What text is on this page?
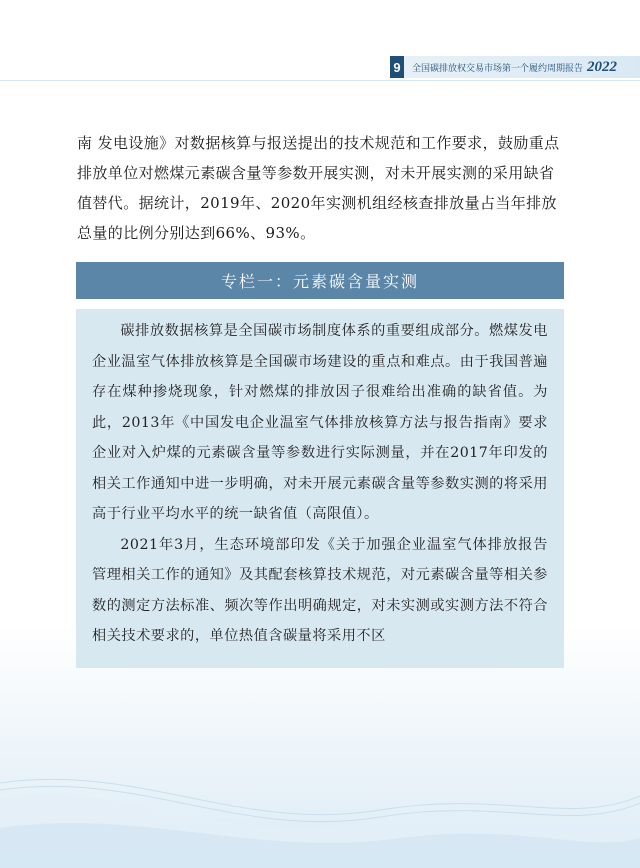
9	全国碳排放权交易市场第一个履约周期报告 2022

南 发电设施》对数据核算与报送提出的技术规范和工作要求，鼓励重点排放单位对燃煤元素碳含量等参数开展实测，对未开展实测的采用缺省值替代。据统计，2019年、2020年实测机组经核查排放量占当年排放总量的比例分别达到66%、93%。

专栏一：元素碳含量实测

碳排放数据核算是全国碳市场制度体系的重要组成部分。燃煤发电企业温室气体排放核算是全国碳市场建设的重点和难点。由于我国普遍存在煤种掺烧现象，针对燃煤的排放因子很难给出准确的缺省值。为此，2013年《中国发电企业温室气体排放核算方法与报告指南》要求企业对入炉煤的元素碳含量等参数进行实际测量，并在2017年印发的相关工作通知中进一步明确，对未开展元素碳含量等参数实测的将采用高于行业平均水平的统一缺省值（高限值）。

2021年3月，生态环境部印发《关于加强企业温室气体排放报告管理相关工作的通知》及其配套核算技术规范，对元素碳含量等相关参数的测定方法标准、频次等作出明确规定，对未实测或实测方法不符合相关技术要求的，单位热值含碳量将采用不区
